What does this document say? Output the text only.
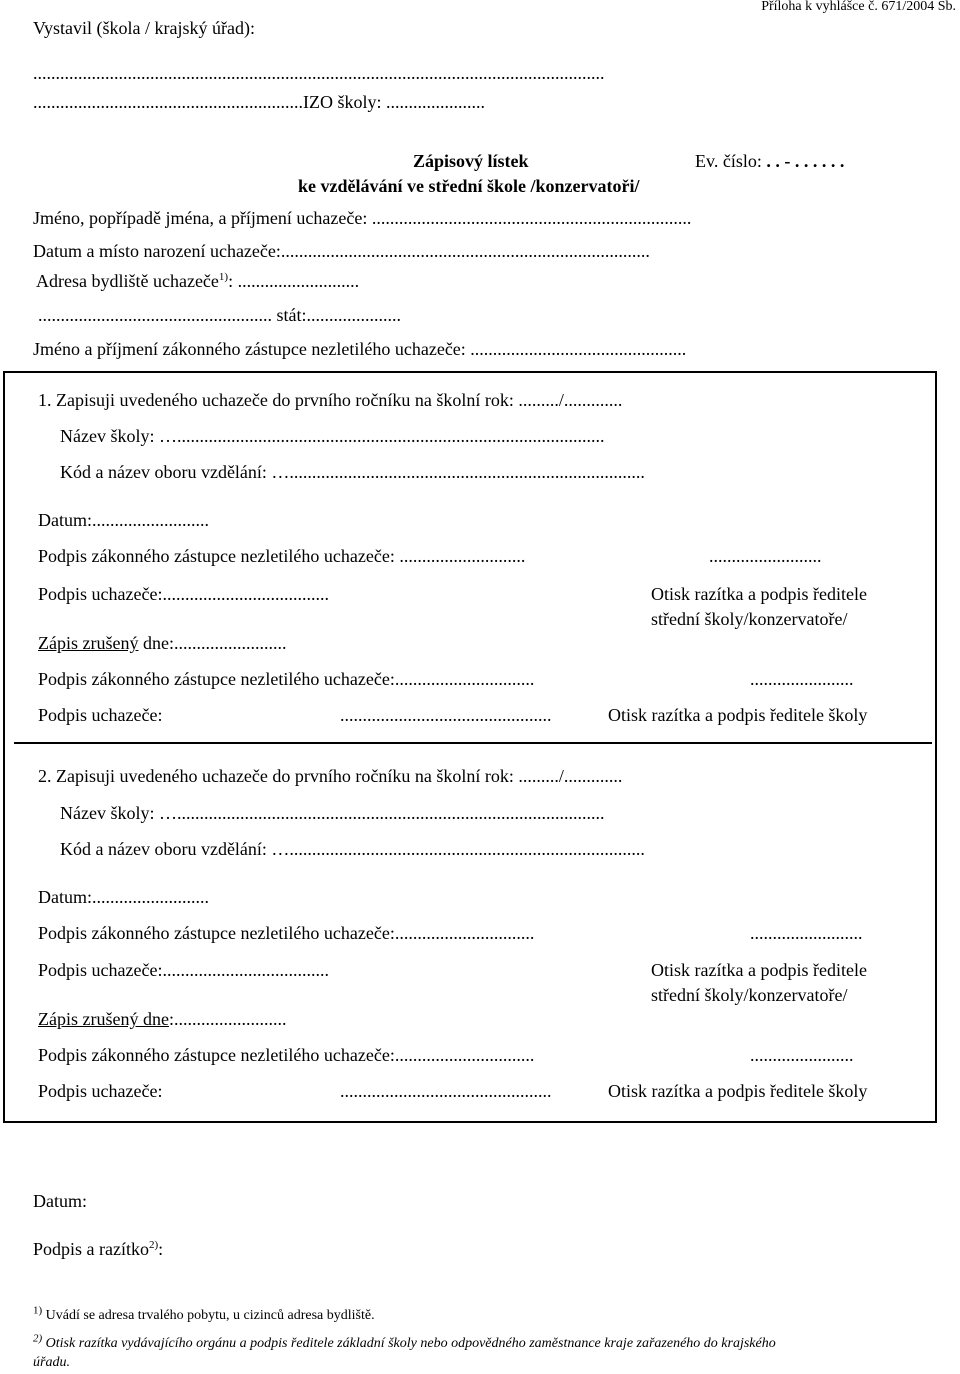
Vystavil (škola / krajský úřad):
Příloha k vyhlášce č. 671/2004 Sb.
...............................................................................................................................
............................................................IZO školy: ......................
Zápisový lístek	Ev. číslo: . . - . . . . . .
ke vzdělávání ve střední škole /konzervatoři/
Jméno, popřípadě jména, a příjmení uchazeče: .......................................................................
Datum a místo narození uchazeče:..................................................................................
Adresa bydliště uchazeče$^{1)}$: ...........................
.................................................... stát:.....................
Jméno a příjmení zákonného zástupce nezletilého uchazeče: ................................................
1. Zapisuji uvedeného uchazeče do prvního ročníku na školní rok: ........./.............
Název školy: …...............................................................................................
Kód a název oboru vzdělání: …...............................................................................
Datum:..........................
Podpis zákonného zástupce nezletilého uchazeče: ............................	.........................
Podpis uchazeče:.....................................	Otisk razítka a podpis ředitele
střední školy/konzervatoře/
Zápis zrušený dne:.........................
Podpis zákonného zástupce nezletilého uchazeče:...............................	.......................
Podpis uchazeče:	...............................................	Otisk razítka a podpis ředitele školy
2. Zapisuji uvedeného uchazeče do prvního ročníku na školní rok: ........./.............
Název školy: …...............................................................................................
Kód a název oboru vzdělání: …...............................................................................
Datum:..........................
Podpis zákonného zástupce nezletilého uchazeče:...............................	.........................
Podpis uchazeče:.....................................	Otisk razítka a podpis ředitele
střední školy/konzervatoře/
Zápis zrušený dne:.........................
Podpis zákonného zástupce nezletilého uchazeče:...............................	.......................
Podpis uchazeče:	...............................................	Otisk razítka a podpis ředitele školy
Datum:
Podpis a razítko$^{2)}$:
$^{1)}$ Uvádí se adresa trvalého pobytu, u cizinců adresa bydliště.
$^{2)}$ Otisk razítka vydávajícího orgánu a podpis ředitele základní školy nebo odpovědného zaměstnance kraje zařazeného do krajského
úřadu.
